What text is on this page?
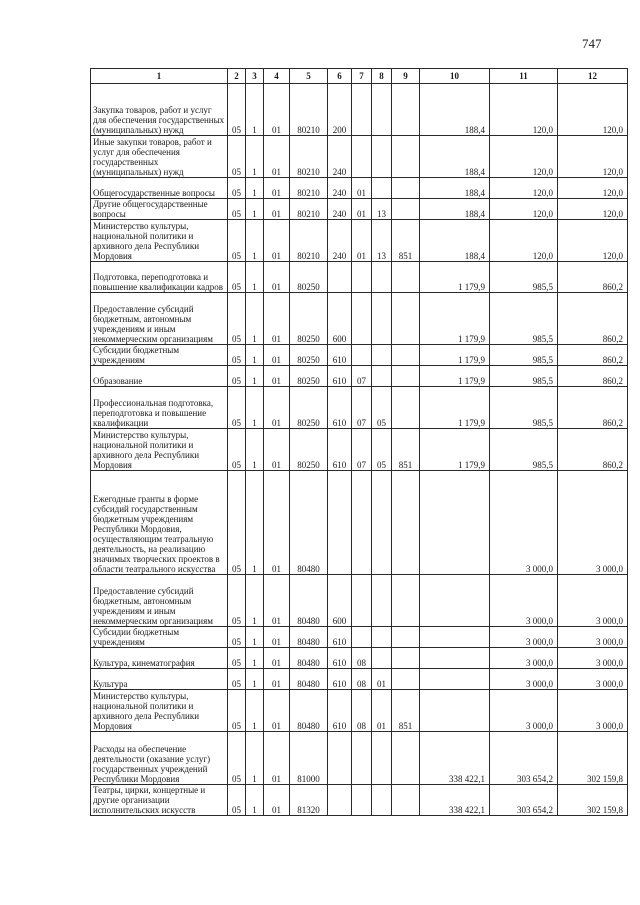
747
1	2	3	4	5	6	7	8	9	10	11	12
Закупка товаров, работ и услуг для обеспечения государственных (муниципальных) нужд	05	1	01	80210	200				188,4	120,0	120,0
Иные закупки товаров, работ и услуг для обеспечения государственных (муниципальных) нужд	05	1	01	80210	240				188,4	120,0	120,0
Общегосударственные вопросы	05	1	01	80210	240	01			188,4	120,0	120,0
Другие общегосударственные вопросы	05	1	01	80210	240	01	13		188,4	120,0	120,0
Министерство культуры, национальной политики и архивного дела Республики Мордовия	05	1	01	80210	240	01	13	851	188,4	120,0	120,0
Подготовка, переподготовка и повышение квалификации кадров	05	1	01	80250					1 179,9	985,5	860,2
Предоставление субсидий бюджетным, автономным учреждениям и иным некоммерческим организациям	05	1	01	80250	600				1 179,9	985,5	860,2
Субсидии бюджетным учреждениям	05	1	01	80250	610				1 179,9	985,5	860,2
Образование	05	1	01	80250	610	07			1 179,9	985,5	860,2
Профессиональная подготовка, переподготовка и повышение квалификации	05	1	01	80250	610	07	05		1 179,9	985,5	860,2
Министерство культуры, национальной политики и архивного дела Республики Мордовия	05	1	01	80250	610	07	05	851	1 179,9	985,5	860,2
Ежегодные гранты в форме субсидий государственным бюджетным учреждениям Республики Мордовия, осуществляющим театральную деятельность, на реализацию значимых творческих проектов в области театрального искусства	05	1	01	80480						3 000,0	3 000,0
Предоставление субсидий бюджетным, автономным учреждениям и иным некоммерческим организациям	05	1	01	80480	600					3 000,0	3 000,0
Субсидии бюджетным учреждениям	05	1	01	80480	610					3 000,0	3 000,0
Культура, кинематография	05	1	01	80480	610	08				3 000,0	3 000,0
Культура	05	1	01	80480	610	08	01			3 000,0	3 000,0
Министерство культуры, национальной политики и архивного дела Республики Мордовия	05	1	01	80480	610	08	01	851		3 000,0	3 000,0
Расходы на обеспечение деятельности (оказание услуг) государственных учреждений Республики Мордовия	05	1	01	81000					338 422,1	303 654,2	302 159,8
Театры, цирки, концертные и другие организации исполнительских искусств	05	1	01	81320					338 422,1	303 654,2	302 159,8
